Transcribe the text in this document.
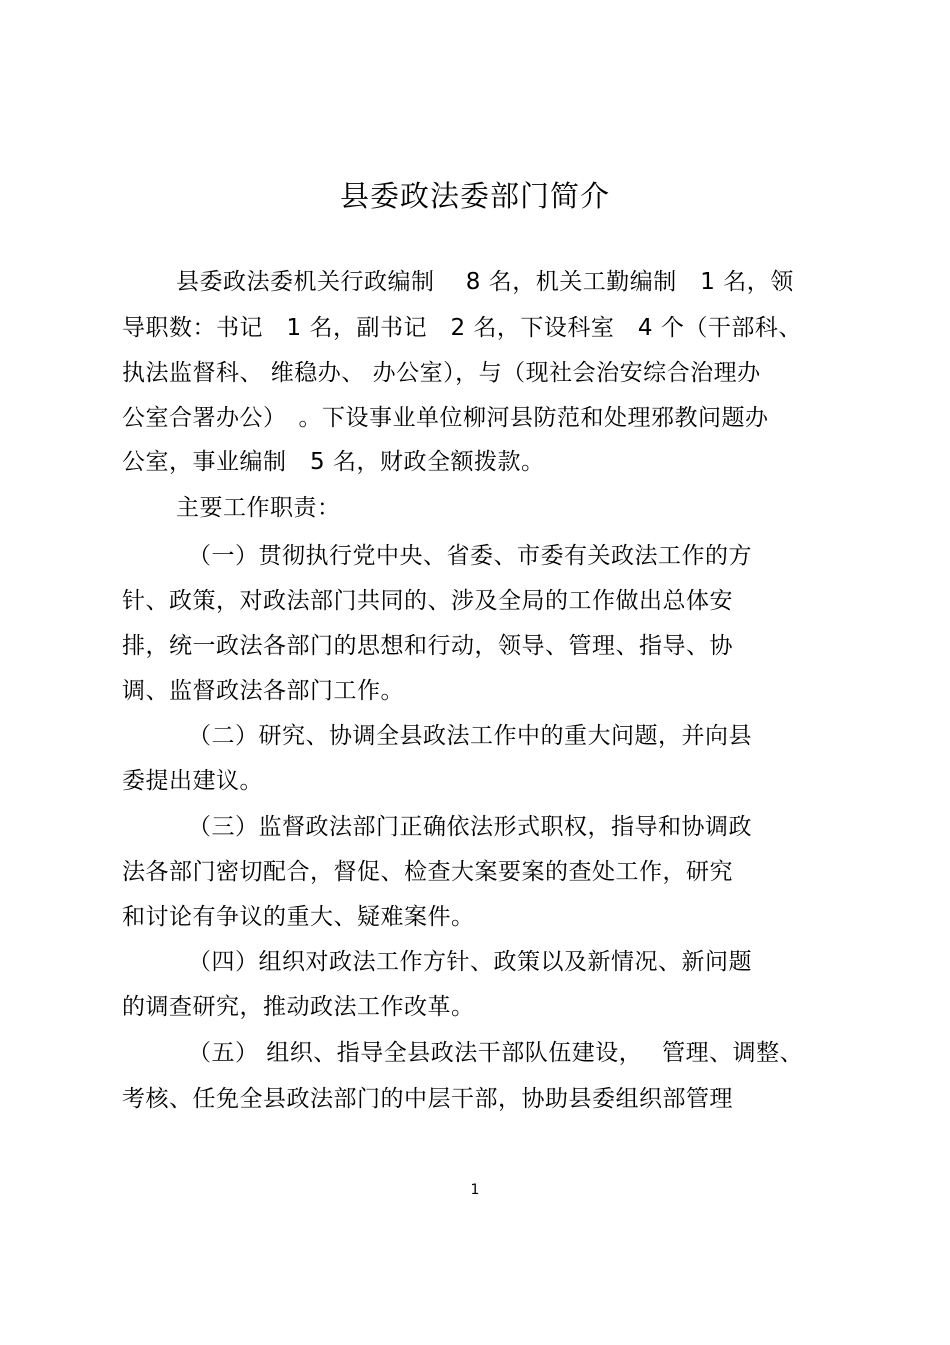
县委政法委部门简介
县委政法委机关行政编制　 8 名，机关工勤编制　1 名，领
导职数：书记　1 名，副书记　2 名，下设科室　4 个（干部科、
执法监督科、 维稳办、 办公室），与（现社会治安综合治理办
公室合署办公）　。下设事业单位柳河县防范和处理邪教问题办
公室，事业编制　5 名，财政全额拨款。
主要工作职责：
（一）贯彻执行党中央、省委、市委有关政法工作的方
针、政策，对政法部门共同的、涉及全局的工作做出总体安
排，统一政法各部门的思想和行动，领导、管理、指导、协
调、监督政法各部门工作。
（二）研究、协调全县政法工作中的重大问题，并向县
委提出建议。
（三）监督政法部门正确依法形式职权，指导和协调政
法各部门密切配合，督促、检查大案要案的查处工作，研究
和讨论有争议的重大、疑难案件。
（四）组织对政法工作方针、政策以及新情况、新问题
的调查研究，推动政法工作改革。
（五） 组织、指导全县政法干部队伍建设，　 管理、调整、
考核、任免全县政法部门的中层干部，协助县委组织部管理
1
